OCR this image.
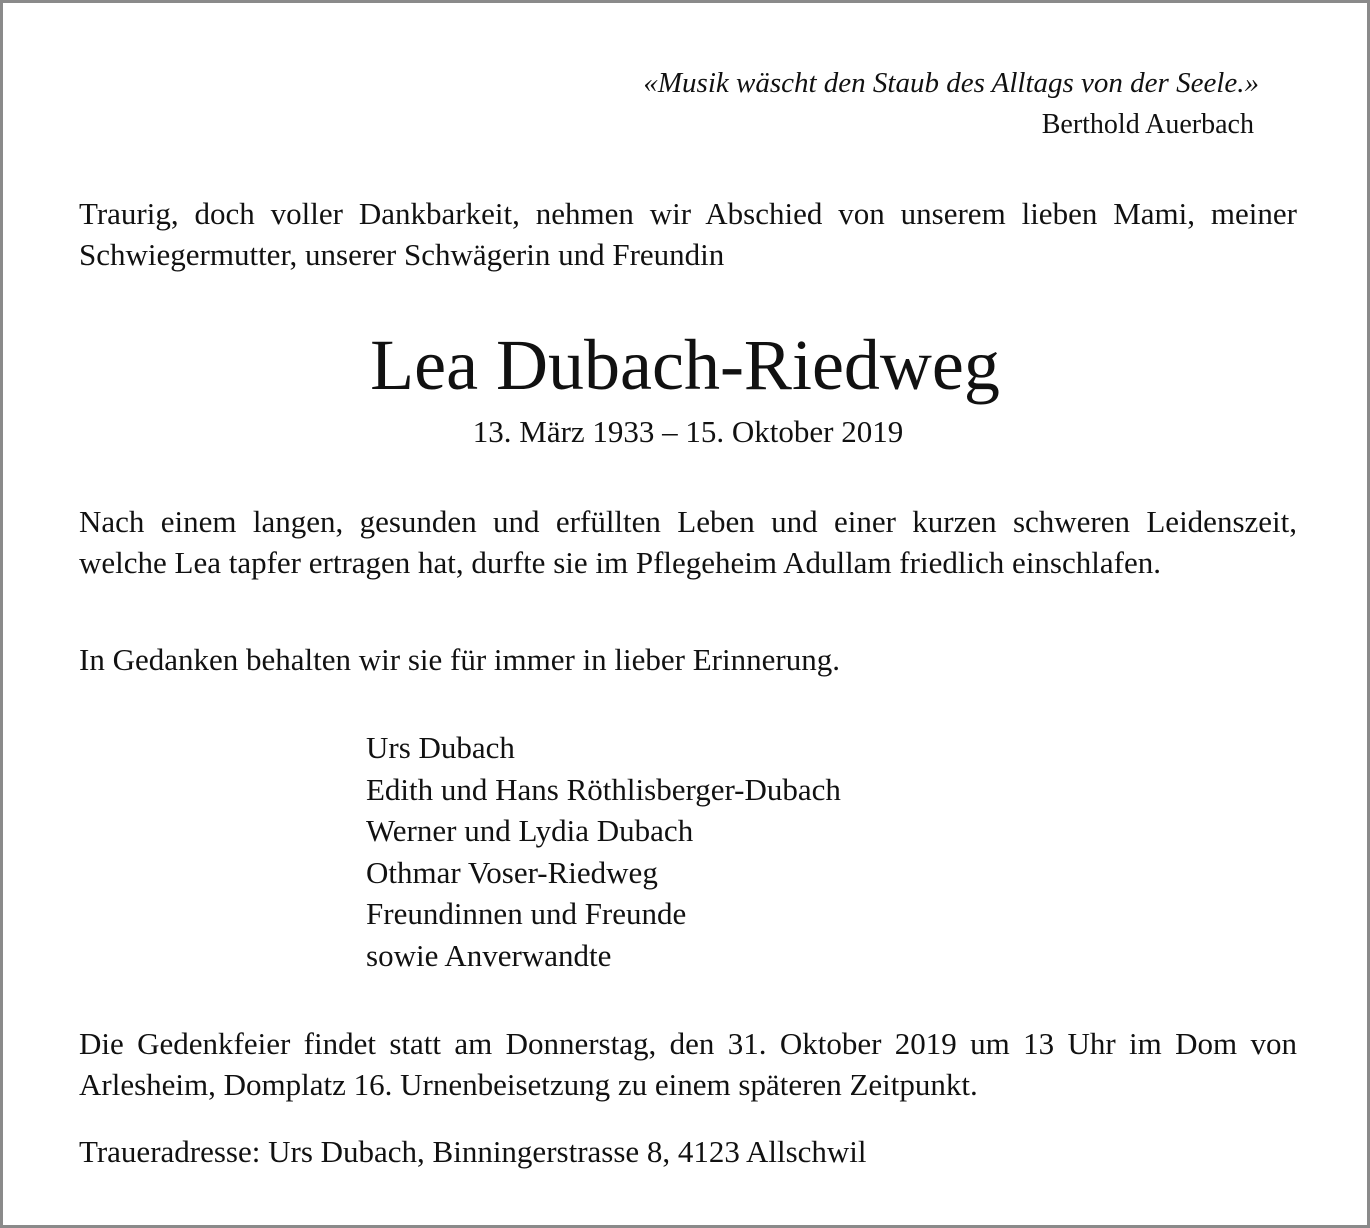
«Musik wäscht den Staub des Alltags von der Seele.»
Berthold Auerbach

Traurig, doch voller Dankbarkeit, nehmen wir Abschied von unserem lieben Mami, meiner Schwiegermutter, unserer Schwägerin und Freundin

Lea Dubach-Riedweg
13. März 1933 – 15. Oktober 2019

Nach einem langen, gesunden und erfüllten Leben und einer kurzen schweren Leidenszeit, welche Lea tapfer ertragen hat, durfte sie im Pflegeheim Adullam friedlich einschlafen.

In Gedanken behalten wir sie für immer in lieber Erinnerung.

Urs Dubach
Edith und Hans Röthlisberger-Dubach
Werner und Lydia Dubach
Othmar Voser-Riedweg
Freundinnen und Freunde
sowie Anverwandte

Die Gedenkfeier findet statt am Donnerstag, den 31. Oktober 2019 um 13 Uhr im Dom von Arlesheim, Domplatz 16. Urnenbeisetzung zu einem späteren Zeitpunkt.

Traueradresse: Urs Dubach, Binningerstrasse 8, 4123 Allschwil
